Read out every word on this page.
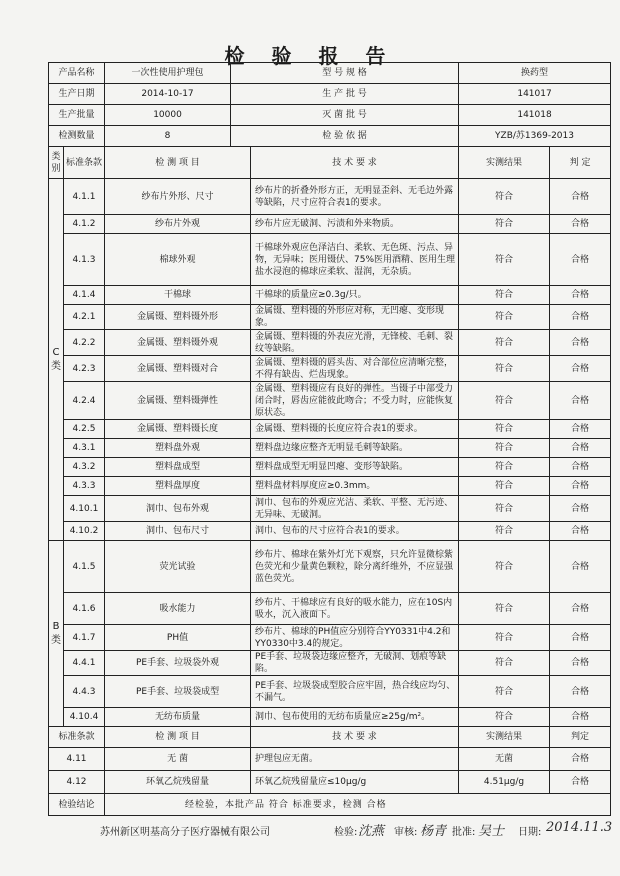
检 验 报 告
产品名称		一次性使用护理包	型 号 规 格		换药型	
生产日期		2014-10-17	生 产 批 号		141017	
生产批量		10000	灭 菌 批 号		141018	
检测数量		8	检 验 依 据		YZB/苏1369-2013	
类别	标准条款	检 测 项 目		技 术 要 求	实测结果	判 定
C类	4.1.1	纱布片外形、尺寸		纱布片的折叠外形方正，无明显歪斜、无毛边外露等缺陷，尺寸应符合表1的要求。	符合	合格
	4.1.2	纱布片外观		纱布片应无破洞、污渍和外来物质。	符合	合格
	4.1.3	棉球外观		干棉球外观应色泽洁白、柔软、无色斑、污点、异物，无异味；医用镊伏、75%医用酒精、医用生理盐水浸泡的棉球应柔软、湿润，无杂质。	符合	合格
	4.1.4	干棉球		干棉球的质量应≥0.3g/只。	符合	合格
	4.2.1	金属镊、塑料镊外形		金属镊、塑料镊的外形应对称，无凹瘪、变形现象。	符合	合格
	4.2.2	金属镊、塑料镊外观		金属镊、塑料镊的外表应光滑，无锋棱、毛刺、裂纹等缺陷。	符合	合格
	4.2.3	金属镊、塑料镊对合		金属镊、塑料镊的唇头齿、对合部位应清晰完整，不得有缺齿、烂齿现象。	符合	合格
	4.2.4	金属镊、塑料镊弹性		金属镊、塑料镊应有良好的弹性。当镊子中部受力闭合时，唇齿应能彼此吻合；不受力时，应能恢复原状态。	符合	合格
	4.2.5	金属镊、塑料镊长度		金属镊、塑料镊的长度应符合表1的要求。	符合	合格
	4.3.1	塑料盘外观		塑料盘边缘应整齐无明显毛刺等缺陷。	符合	合格
	4.3.2	塑料盘成型		塑料盘成型无明显凹瘪、变形等缺陷。	符合	合格
	4.3.3	塑料盘厚度		塑料盘材料厚度应≥0.3mm。	符合	合格
	4.10.1	洞巾、包布外观		洞巾、包布的外观应光洁、柔软、平整、无污迹、无异味、无破洞。	符合	合格
	4.10.2	洞巾、包布尺寸		洞巾、包布的尺寸应符合表1的要求。	符合	合格
B类	4.1.5	荧光试验		纱布片、棉球在紫外灯光下观察，只允许显微棕紫色荧光和少量黄色颗粒，除分离纤维外，不应显强蓝色荧光。	符合	合格
	4.1.6	吸水能力		纱布片、干棉球应有良好的吸水能力，应在10S内吸水，沉入液面下。	符合	合格
	4.1.7	PH值		纱布片、棉球的PH值应分别符合YY0331中4.2和YY0330中3.4的规定。	符合	合格
	4.4.1	PE手套、垃圾袋外观		PE手套、垃圾袋边缘应整齐，无破洞、划痕等缺陷。	符合	合格
	4.4.3	PE手套、垃圾袋成型		PE手套、垃圾袋成型胶合应牢固，热合线应均匀、不漏气。	符合	合格
	4.10.4	无纺布质量		洞巾、包布使用的无纺布质量应≥25g/m²。	符合	合格
标准条款		检 测 项 目		技 术 要 求	实测结果	判定
4.11		无 菌		护理包应无菌。	无菌	合格
4.12		环氧乙烷残留量		环氧乙烷残留量应≤10μg/g	4.51μg/g	合格
检验结论		经检验，本批产品 符合 标准要求，检测 合格				
苏州新区明基高分子医疗器械有限公司	检验: 沈燕 审核: 杨青 批准: 吴士 日期: 2014.11.3
